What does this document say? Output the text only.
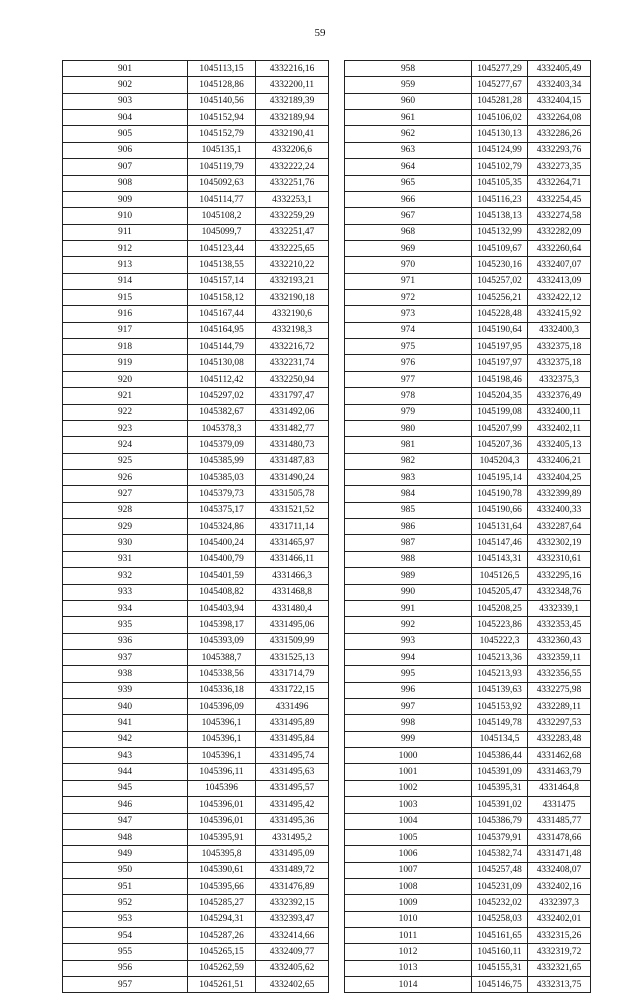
59
901	1045113,15	4332216,16
902	1045128,86	4332200,11
903	1045140,56	4332189,39
904	1045152,94	4332189,94
905	1045152,79	4332190,41
906	1045135,1	4332206,6
907	1045119,79	4332222,24
908	1045092,63	4332251,76
909	1045114,77	4332253,1
910	1045108,2	4332259,29
911	1045099,7	4332251,47
912	1045123,44	4332225,65
913	1045138,55	4332210,22
914	1045157,14	4332193,21
915	1045158,12	4332190,18
916	1045167,44	4332190,6
917	1045164,95	4332198,3
918	1045144,79	4332216,72
919	1045130,08	4332231,74
920	1045112,42	4332250,94
921	1045297,02	4331797,47
922	1045382,67	4331492,06
923	1045378,3	4331482,77
924	1045379,09	4331480,73
925	1045385,99	4331487,83
926	1045385,03	4331490,24
927	1045379,73	4331505,78
928	1045375,17	4331521,52
929	1045324,86	4331711,14
930	1045400,24	4331465,97
931	1045400,79	4331466,11
932	1045401,59	4331466,3
933	1045408,82	4331468,8
934	1045403,94	4331480,4
935	1045398,17	4331495,06
936	1045393,09	4331509,99
937	1045388,7	4331525,13
938	1045338,56	4331714,79
939	1045336,18	4331722,15
940	1045396,09	4331496
941	1045396,1	4331495,89
942	1045396,1	4331495,84
943	1045396,1	4331495,74
944	1045396,11	4331495,63
945	1045396	4331495,57
946	1045396,01	4331495,42
947	1045396,01	4331495,36
948	1045395,91	4331495,2
949	1045395,8	4331495,09
950	1045390,61	4331489,72
951	1045395,66	4331476,89
952	1045285,27	4332392,15
953	1045294,31	4332393,47
954	1045287,26	4332414,66
955	1045265,15	4332409,77
956	1045262,59	4332405,62
957	1045261,51	4332402,65
958	1045277,29	4332405,49
959	1045277,67	4332403,34
960	1045281,28	4332404,15
961	1045106,02	4332264,08
962	1045130,13	4332286,26
963	1045124,99	4332293,76
964	1045102,79	4332273,35
965	1045105,35	4332264,71
966	1045116,23	4332254,45
967	1045138,13	4332274,58
968	1045132,99	4332282,09
969	1045109,67	4332260,64
970	1045230,16	4332407,07
971	1045257,02	4332413,09
972	1045256,21	4332422,12
973	1045228,48	4332415,92
974	1045190,64	4332400,3
975	1045197,95	4332375,18
976	1045197,97	4332375,18
977	1045198,46	4332375,3
978	1045204,35	4332376,49
979	1045199,08	4332400,11
980	1045207,99	4332402,11
981	1045207,36	4332405,13
982	1045204,3	4332406,21
983	1045195,14	4332404,25
984	1045190,78	4332399,89
985	1045190,66	4332400,33
986	1045131,64	4332287,64
987	1045147,46	4332302,19
988	1045143,31	4332310,61
989	1045126,5	4332295,16
990	1045205,47	4332348,76
991	1045208,25	4332339,1
992	1045223,86	4332353,45
993	1045222,3	4332360,43
994	1045213,36	4332359,11
995	1045213,93	4332356,55
996	1045139,63	4332275,98
997	1045153,92	4332289,11
998	1045149,78	4332297,53
999	1045134,5	4332283,48
1000	1045386,44	4331462,68
1001	1045391,09	4331463,79
1002	1045395,31	4331464,8
1003	1045391,02	4331475
1004	1045386,79	4331485,77
1005	1045379,91	4331478,66
1006	1045382,74	4331471,48
1007	1045257,48	4332408,07
1008	1045231,09	4332402,16
1009	1045232,02	4332397,3
1010	1045258,03	4332402,01
1011	1045161,65	4332315,26
1012	1045160,11	4332319,72
1013	1045155,31	4332321,65
1014	1045146,75	4332313,75
